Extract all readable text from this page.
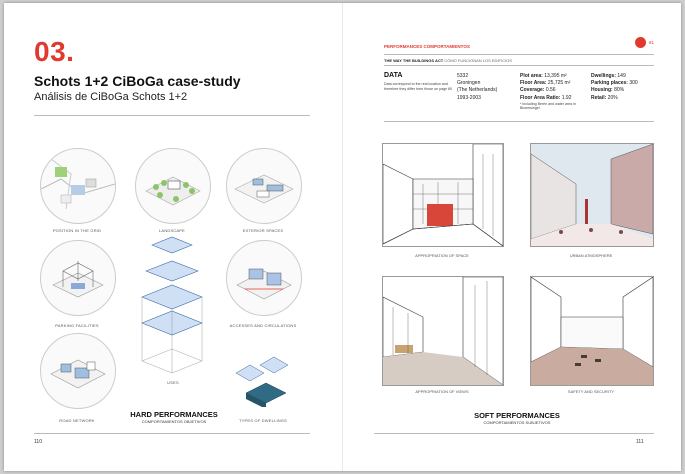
03.
Schots 1+2 CiBoGa case-study
Análisis de CiBoGa Schots 1+2
POSITION IN THE GRID	LANDSCAPE	EXTERIOR SPACES
PARKING FACILITIES	ACCESSES AND CIRCULATIONS
ROAD NETWORK
USES
TYPES OF DWELLINGS
HARD PERFORMANCES
COMPORTAMIENTOS OBJETIVOS
110
PERFORMANCES COMPORTAMIENTOS
81
THE WAY THE BUILDINGS ACT CÓMO FUNCIONAN LOS EDIFICIOS
DATA
Data correspond to the real location and therefore they differ from those on page 80
5332
Groningen
(The Netherlands)
1993-2003
Plot area: 13,395 m²
Floor Area: 25,725 m²
Coverage: 0.56
Floor Area Ratio: 1.92
* including Beren and water area in Bloemsingel
Dwellings: 149
Parking places: 300
Housing: 80%
Retail: 20%
APPROPRIATION OF SPACE	URBAN ATMOSPHERE
APPROPRIATION OF VIEWS	SAFETY AND SECURITY
SOFT PERFORMANCES
COMPORTAMIENTOS SUBJETIVOS
111
